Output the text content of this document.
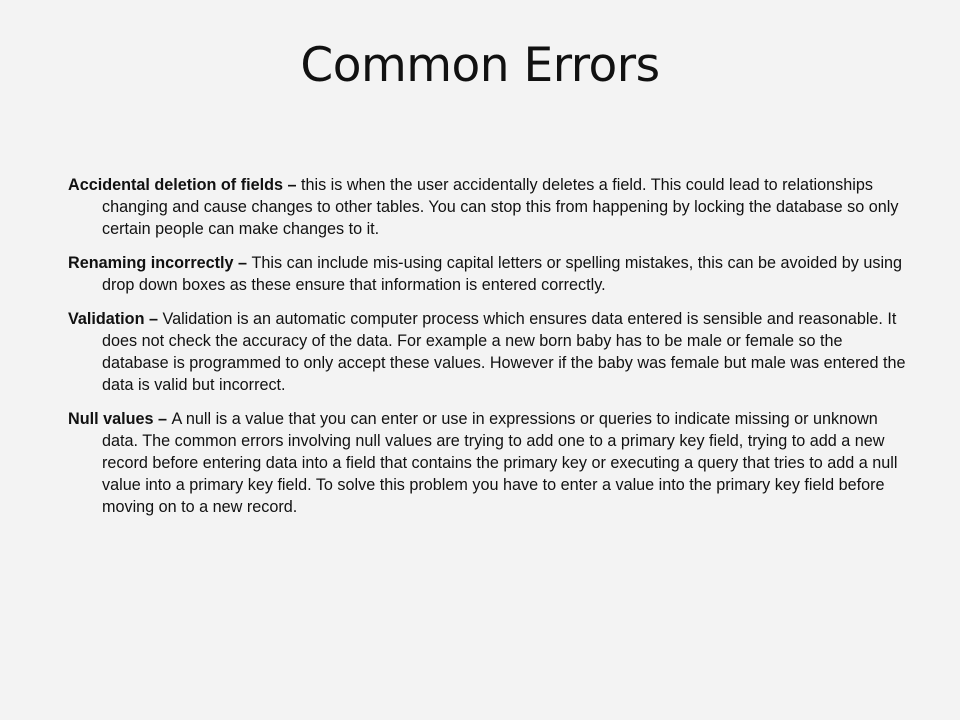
Common Errors

Accidental deletion of fields – this is when the user accidentally deletes a field. This could lead to relationships changing and cause changes to other tables. You can stop this from happening by locking the database so only certain people can make changes to it.

Renaming incorrectly – This can include mis-using capital letters or spelling mistakes, this can be avoided by using drop down boxes as these ensure that information is entered correctly.

Validation – Validation is an automatic computer process which ensures data entered is sensible and reasonable. It does not check the accuracy of the data. For example a new born baby has to be male or female so the database is programmed to only accept these values. However if the baby was female but male was entered the data is valid but incorrect.

Null values – A null is a value that you can enter or use in expressions or queries to indicate missing or unknown data. The common errors involving null values are trying to add one to a primary key field, trying to add a new record before entering data into a field that contains the primary key or executing a query that tries to add a null value into a primary key field. To solve this problem you have to enter a value into the primary key field before moving on to a new record.
